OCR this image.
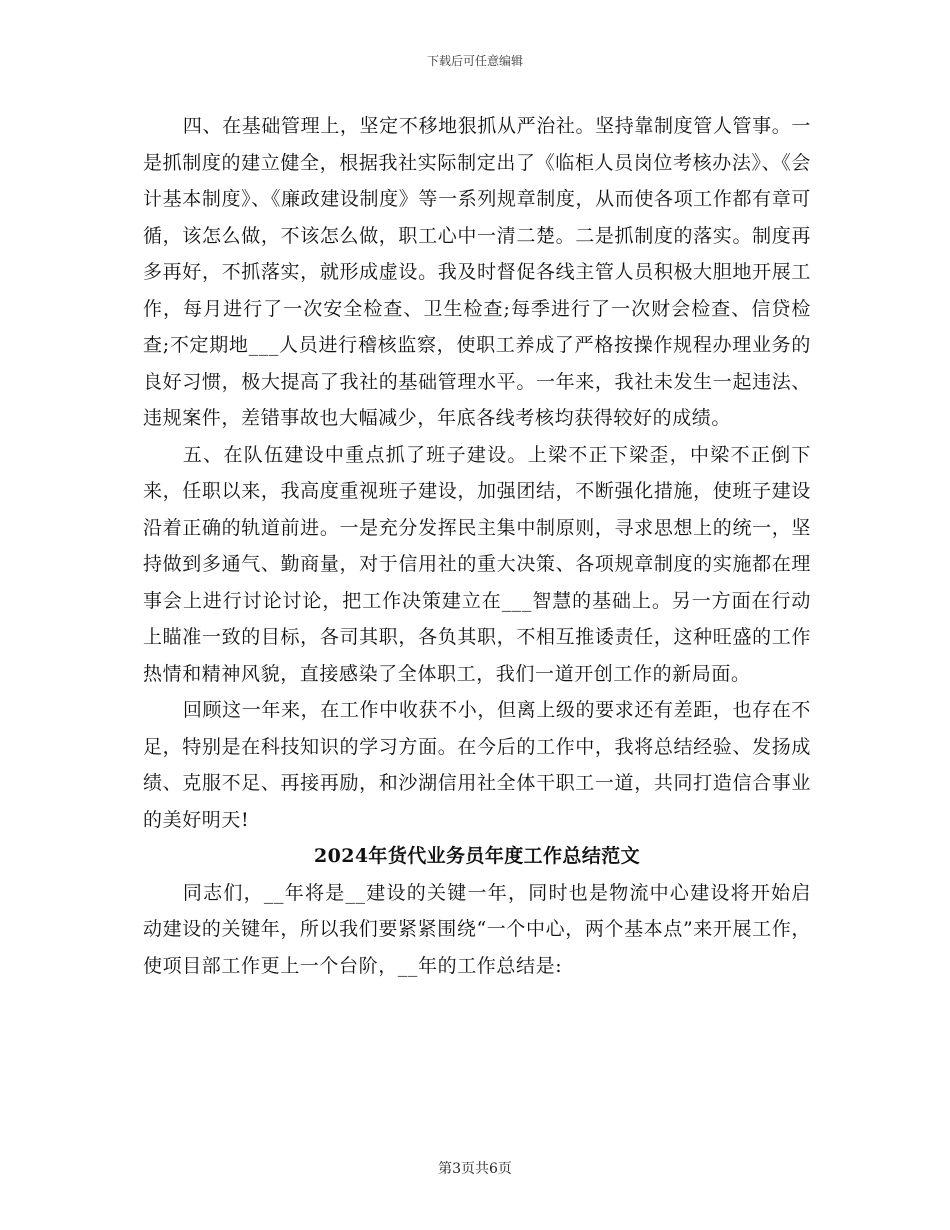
下载后可任意编辑

四、在基础管理上，坚定不移地狠抓从严治社。坚持靠制度管人管事。一是抓制度的建立健全，根据我社实际制定出了《临柜人员岗位考核办法》、《会计基本制度》、《廉政建设制度》等一系列规章制度，从而使各项工作都有章可循，该怎么做，不该怎么做，职工心中一清二楚。二是抓制度的落实。制度再多再好，不抓落实，就形成虚设。我及时督促各线主管人员积极大胆地开展工作，每月进行了一次安全检查、卫生检查;每季进行了一次财会检查、信贷检查;不定期地___人员进行稽核监察，使职工养成了严格按操作规程办理业务的良好习惯，极大提高了我社的基础管理水平。一年来，我社未发生一起违法、违规案件，差错事故也大幅减少，年底各线考核均获得较好的成绩。

五、在队伍建设中重点抓了班子建设。上梁不正下梁歪，中梁不正倒下来，任职以来，我高度重视班子建设，加强团结，不断强化措施，使班子建设沿着正确的轨道前进。一是充分发挥民主集中制原则，寻求思想上的统一，坚持做到多通气、勤商量，对于信用社的重大决策、各项规章制度的实施都在理事会上进行讨论讨论，把工作决策建立在___智慧的基础上。另一方面在行动上瞄准一致的目标，各司其职，各负其职，不相互推诿责任，这种旺盛的工作热情和精神风貌，直接感染了全体职工，我们一道开创工作的新局面。

回顾这一年来，在工作中收获不小，但离上级的要求还有差距，也存在不足，特别是在科技知识的学习方面。在今后的工作中，我将总结经验、发扬成绩、克服不足、再接再励，和沙湖信用社全体干职工一道，共同打造信合事业的美好明天!

2024年货代业务员年度工作总结范文

同志们，__年将是__建设的关键一年，同时也是物流中心建设将开始启动建设的关键年，所以我们要紧紧围绕“一个中心，两个基本点”来开展工作，使项目部工作更上一个台阶，__年的工作总结是:

第3页共6页
